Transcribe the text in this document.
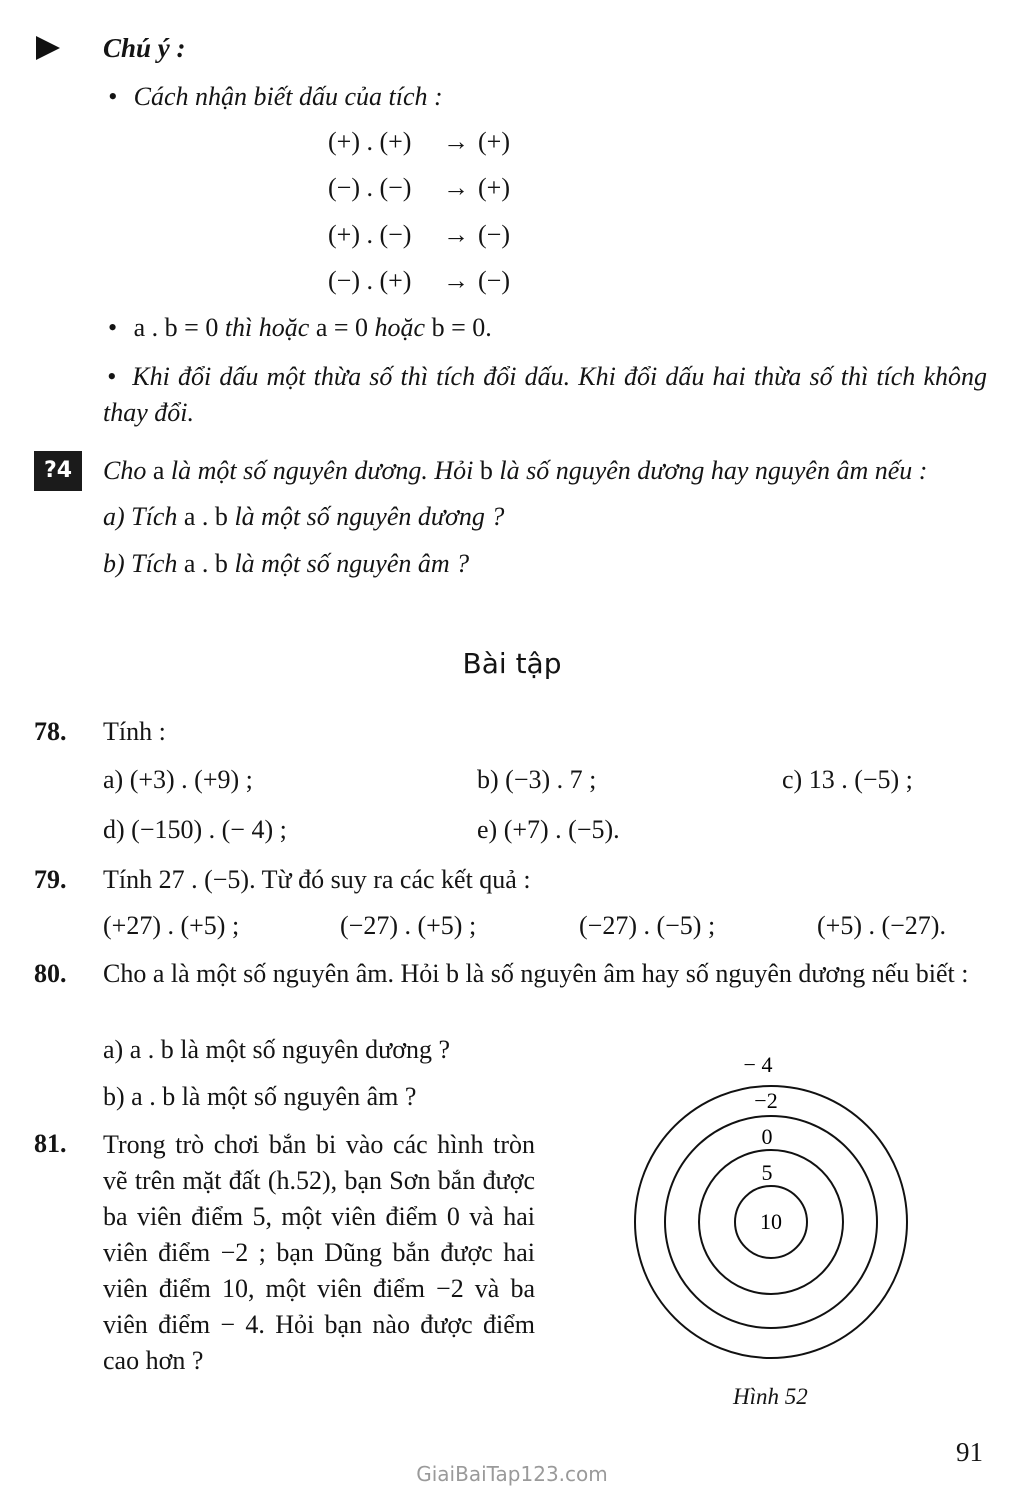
Chú ý :
• Cách nhận biết dấu của tích :
(+) . (+) → (+)
(−) . (−) → (+)
(+) . (−) → (−)
(−) . (+) → (−)
• a . b = 0 thì hoặc a = 0 hoặc b = 0.
• Khi đổi dấu một thừa số thì tích đổi dấu. Khi đổi dấu hai thừa số thì tích không thay đổi.
?4	Cho a là một số nguyên dương. Hỏi b là số nguyên dương hay nguyên âm nếu :
a) Tích a . b là một số nguyên dương ?
b) Tích a . b là một số nguyên âm ?
Bài tập
78. Tính :
a) (+3) . (+9) ;	b) (−3) . 7 ;	c) 13 . (−5) ;
d) (−150) . (− 4) ;	e) (+7) . (−5).
79. Tính 27 . (−5). Từ đó suy ra các kết quả :
(+27) . (+5) ;	(−27) . (+5) ;	(−27) . (−5) ;	(+5) . (−27).
80. Cho a là một số nguyên âm. Hỏi b là số nguyên âm hay số nguyên dương nếu biết :
a) a . b là một số nguyên dương ?
b) a . b là một số nguyên âm ?
81. Trong trò chơi bắn bi vào các hình tròn vẽ trên mặt đất (h.52), bạn Sơn bắn được ba viên điểm 5, một viên điểm 0 và hai viên điểm −2 ; bạn Dũng bắn được hai viên điểm 10, một viên điểm −2 và ba viên điểm − 4. Hỏi bạn nào được điểm cao hơn ?
− 4
−2
0
5
10
Hình 52
91
GiaiBaiTap123.com
